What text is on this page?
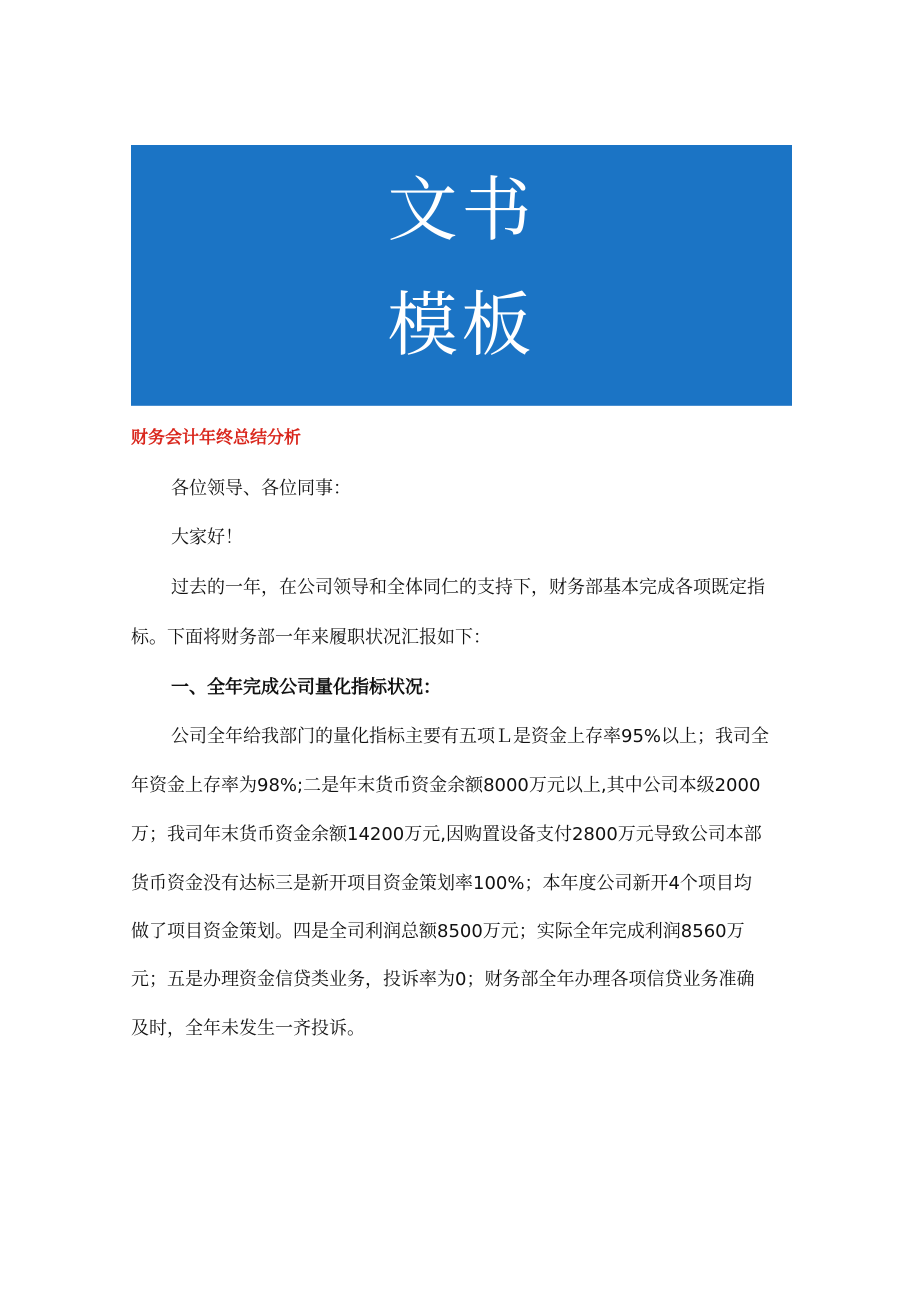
文书
模板
财务会计年终总结分析
各位领导、各位同事：
大家好！
过去的一年，在公司领导和全体同仁的支持下，财务部基本完成各项既定指
标。下面将财务部一年来履职状况汇报如下：
一、全年完成公司量化指标状况：
公司全年给我部门的量化指标主要有五项Ｌ是资金上存率95%以上；我司全
年资金上存率为98%;二是年末货币资金余额8000万元以上,其中公司本级2000
万；我司年末货币资金余额14200万元,因购置设备支付2800万元导致公司本部
货币资金没有达标三是新开项目资金策划率100%；本年度公司新开4个项目均
做了项目资金策划。四是全司利润总额8500万元；实际全年完成利润8560万
元；五是办理资金信贷类业务，投诉率为0；财务部全年办理各项信贷业务准确
及时，全年未发生一齐投诉。
